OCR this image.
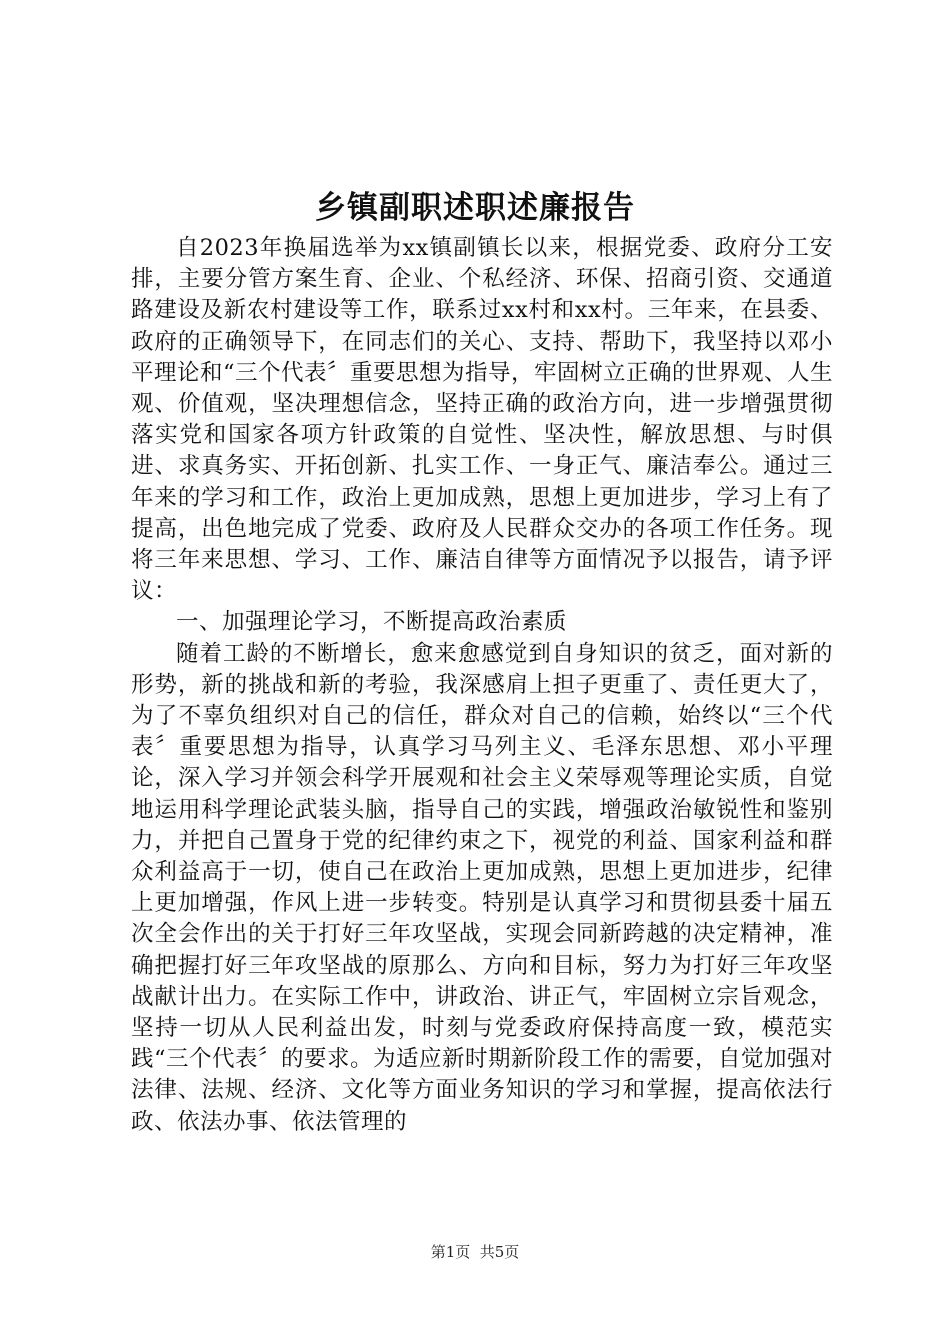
乡镇副职述职述廉报告

自2023年换届选举为xx镇副镇长以来，根据党委、政府分工安排，主要分管方案生育、企业、个私经济、环保、招商引资、交通道路建设及新农村建设等工作，联系过xx村和xx村。三年来，在县委、政府的正确领导下，在同志们的关心、支持、帮助下，我坚持以邓小平理论和“三个代表〞重要思想为指导，牢固树立正确的世界观、人生观、价值观，坚决理想信念，坚持正确的政治方向，进一步增强贯彻落实党和国家各项方针政策的自觉性、坚决性，解放思想、与时俱进、求真务实、开拓创新、扎实工作、一身正气、廉洁奉公。通过三年来的学习和工作，政治上更加成熟，思想上更加进步，学习上有了提高，出色地完成了党委、政府及人民群众交办的各项工作任务。现将三年来思想、学习、工作、廉洁自律等方面情况予以报告，请予评议：

一、加强理论学习，不断提高政治素质

随着工龄的不断增长，愈来愈感觉到自身知识的贫乏，面对新的形势，新的挑战和新的考验，我深感肩上担子更重了、责任更大了，为了不辜负组织对自己的信任，群众对自己的信赖，始终以“三个代表〞重要思想为指导，认真学习马列主义、毛泽东思想、邓小平理论，深入学习并领会科学开展观和社会主义荣辱观等理论实质，自觉地运用科学理论武装头脑，指导自己的实践，增强政治敏锐性和鉴别力，并把自己置身于党的纪律约束之下，视党的利益、国家利益和群众利益高于一切，使自己在政治上更加成熟，思想上更加进步，纪律上更加增强，作风上进一步转变。特别是认真学习和贯彻县委十届五次全会作出的关于打好三年攻坚战，实现会同新跨越的决定精神，准确把握打好三年攻坚战的原那么、方向和目标，努力为打好三年攻坚战献计出力。在实际工作中，讲政治、讲正气，牢固树立宗旨观念，坚持一切从人民利益出发，时刻与党委政府保持高度一致，模范实践“三个代表〞的要求。为适应新时期新阶段工作的需要，自觉加强对法律、法规、经济、文化等方面业务知识的学习和掌握，提高依法行政、依法办事、依法管理的

第1页  共5页
